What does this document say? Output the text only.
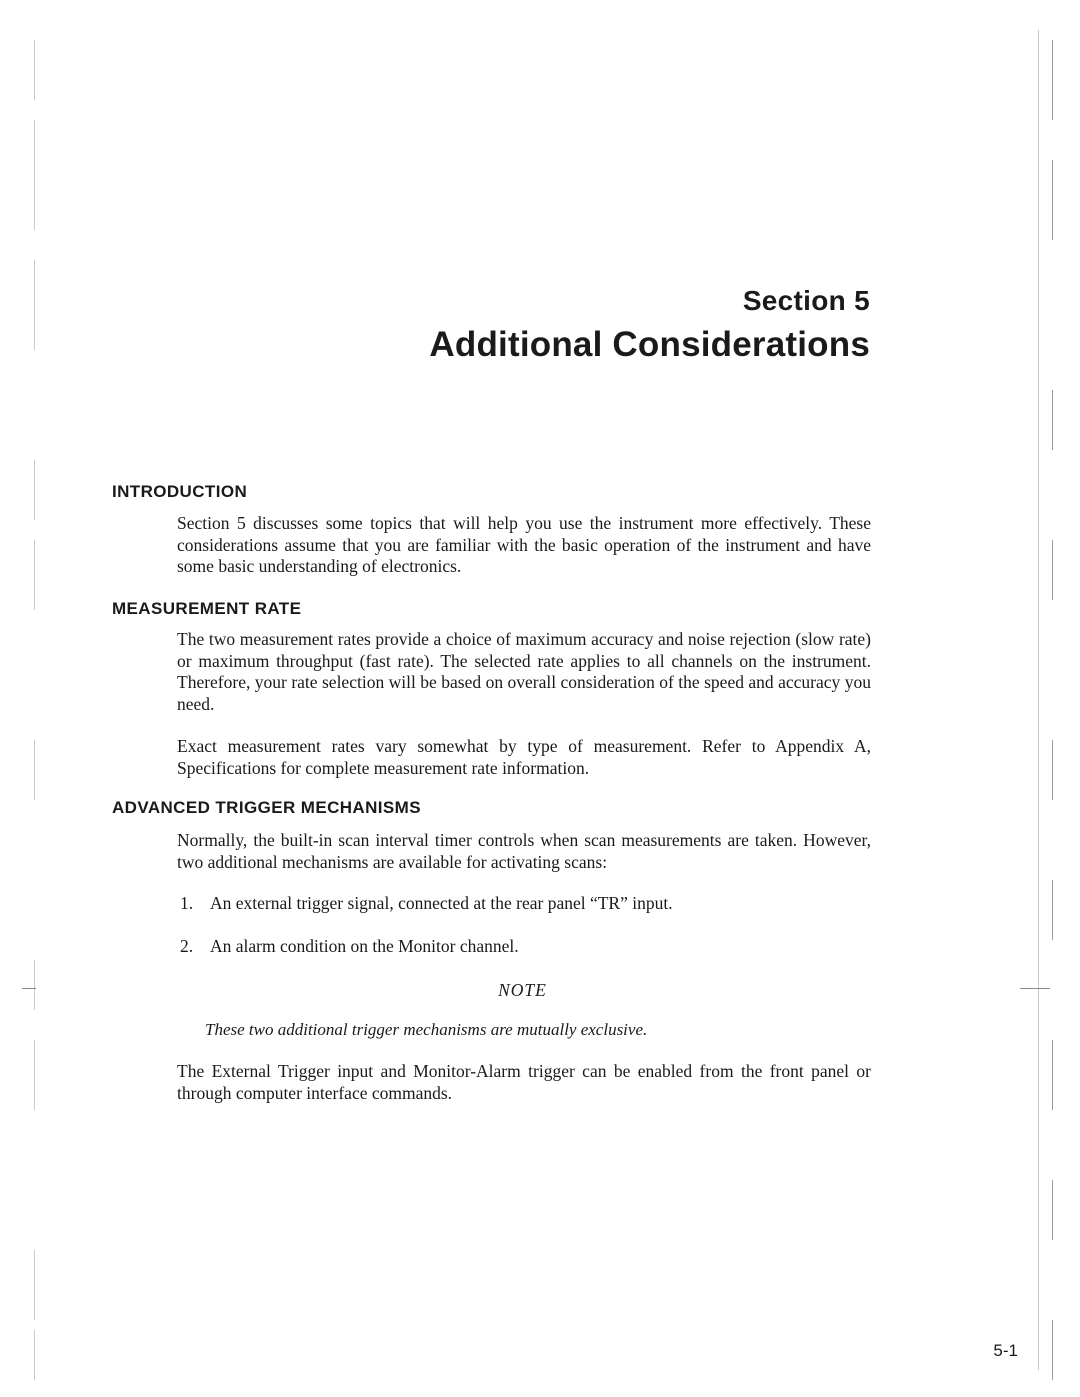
Section 5
Additional Considerations
INTRODUCTION

Section 5 discusses some topics that will help you use the instrument more effectively. These considerations assume that you are familiar with the basic operation of the instrument and have some basic understanding of electronics.

MEASUREMENT RATE

The two measurement rates provide a choice of maximum accuracy and noise rejection (slow rate) or maximum throughput (fast rate). The selected rate applies to all channels on the instrument. Therefore, your rate selection will be based on overall consideration of the speed and accuracy you need.

Exact measurement rates vary somewhat by type of measurement. Refer to Appendix A, Specifications for complete measurement rate information.

ADVANCED TRIGGER MECHANISMS

Normally, the built-in scan interval timer controls when scan measurements are taken. However, two additional mechanisms are available for activating scans:

1. An external trigger signal, connected at the rear panel “TR” input.
2. An alarm condition on the Monitor channel.
NOTE
These two additional trigger mechanisms are mutually exclusive.

The External Trigger input and Monitor-Alarm trigger can be enabled from the front panel or through computer interface commands.

5-1
